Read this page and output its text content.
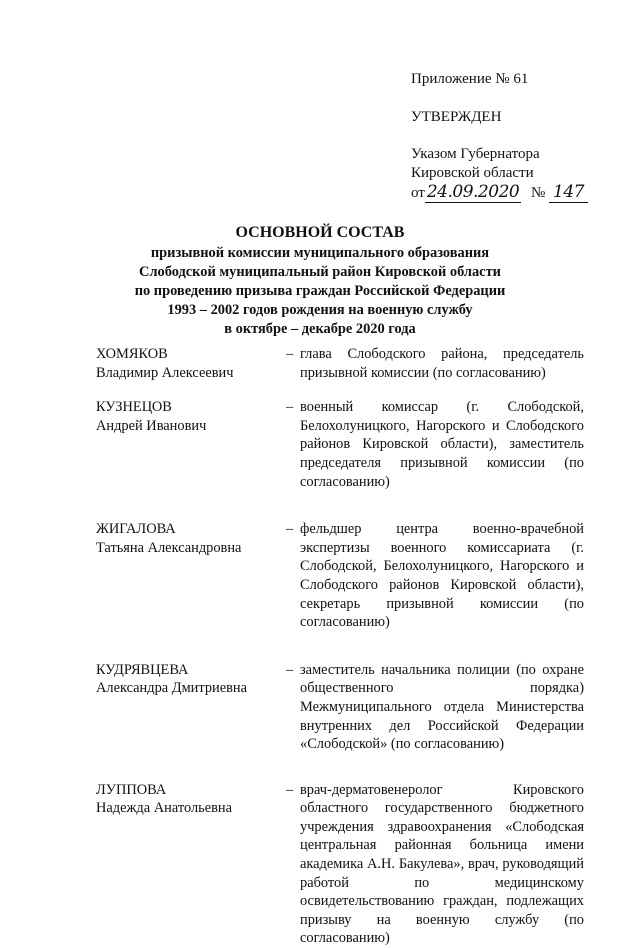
Приложение № 61
УТВЕРЖДЕН
Указом Губернатора
Кировской области
от 24.09.2020 № 147
ОСНОВНОЙ СОСТАВ
призывной комиссии муниципального образования
Слободской муниципальный район Кировской области
по проведению призыва граждан Российской Федерации
1993 – 2002 годов рождения на военную службу
в октябре – декабре 2020 года
ХОМЯКОВ
Владимир Алексеевич
– глава Слободского района, председатель призывной комиссии (по согласованию)
КУЗНЕЦОВ
Андрей Иванович
– военный комиссар (г. Слободской, Белохолуницкого, Нагорского и Слободского районов Кировской области), заместитель председателя призывной комиссии (по согласованию)
ЖИГАЛОВА
Татьяна Александровна
– фельдшер центра военно-врачебной экспертизы военного комиссариата (г. Слободской, Белохолуницкого, Нагорского и Слободского районов Кировской области), секретарь призывной комиссии (по согласованию)
КУДРЯВЦЕВА
Александра Дмитриевна
– заместитель начальника полиции (по охране общественного порядка) Межмуниципального отдела Министерства внутренних дел Российской Федерации «Слободской» (по согласованию)
ЛУППОВА
Надежда Анатольевна
– врач-дерматовенеролог Кировского областного государственного бюджетного учреждения здравоохранения «Слободская центральная районная больница имени академика А.Н. Бакулева», врач, руководящий работой по медицинскому освидетельствованию граждан, подлежащих призыву на военную службу (по согласованию)
